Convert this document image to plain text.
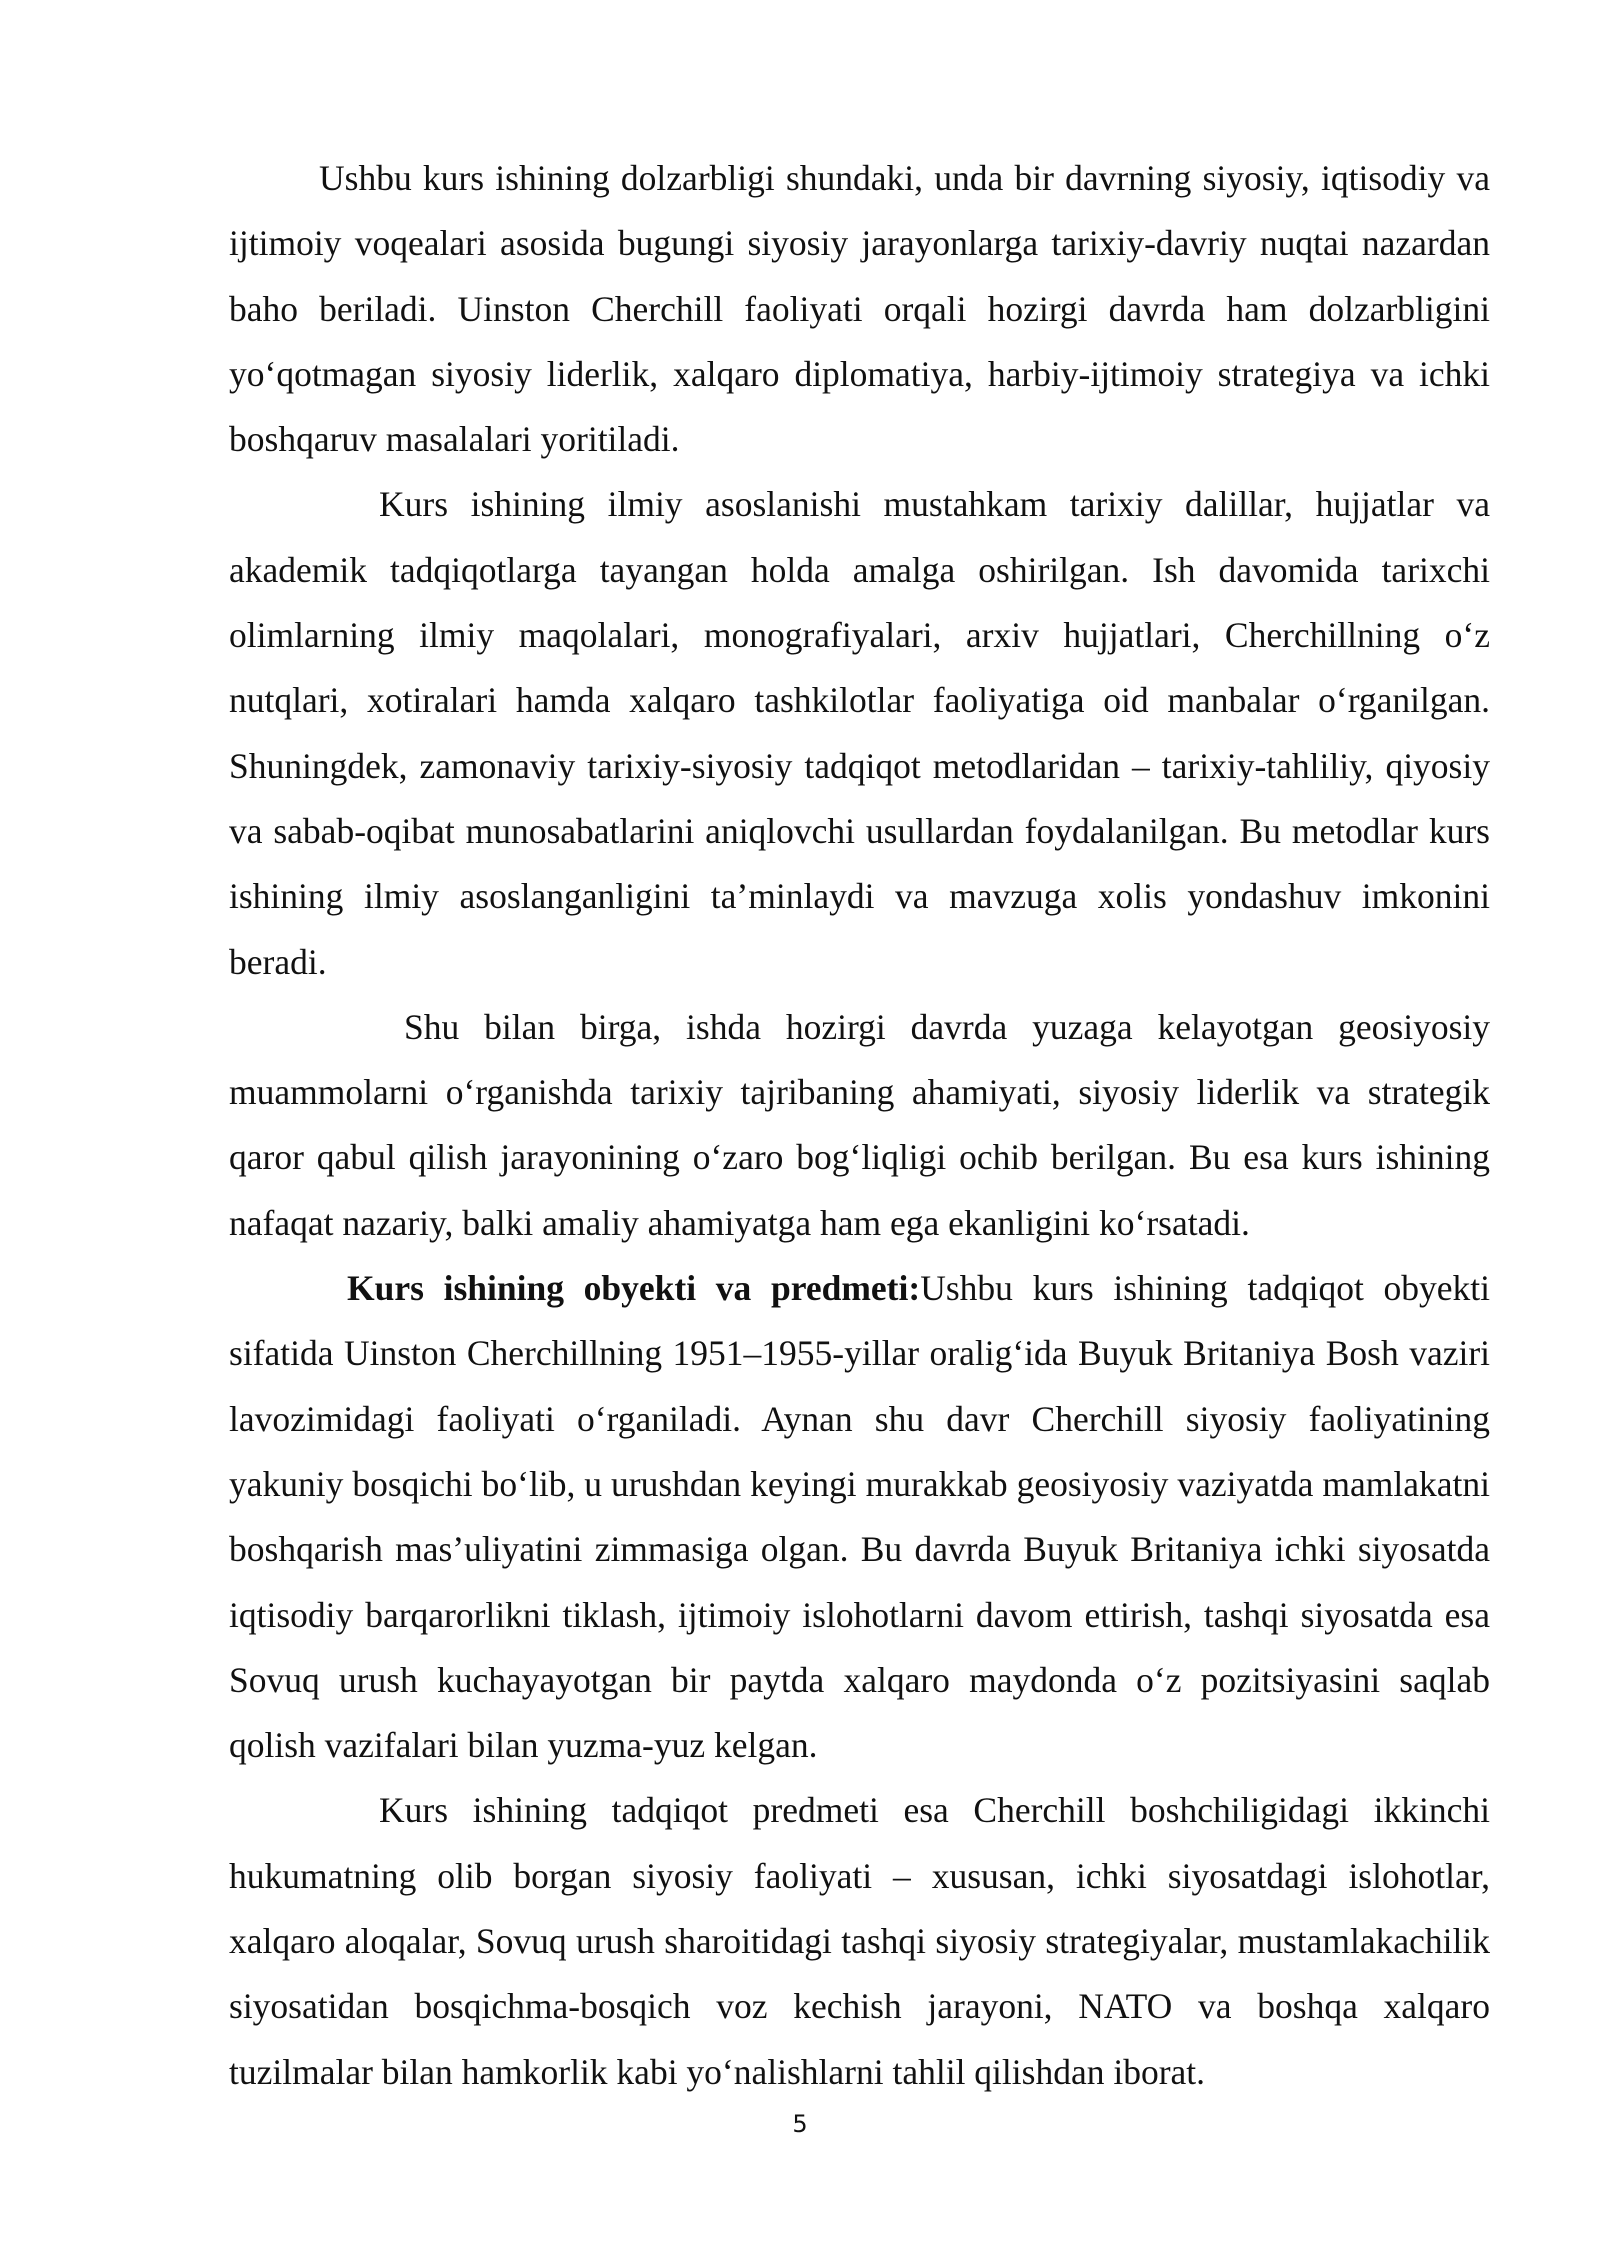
Ushbu kurs ishining dolzarbligi shundaki, unda bir davrning siyosiy, iqtisodiy va ijtimoiy voqealari asosida bugungi siyosiy jarayonlarga tarixiy-davriy nuqtai nazardan baho beriladi. Uinston Cherchill faoliyati orqali hozirgi davrda ham dolzarbligini yo‘qotmagan siyosiy liderlik, xalqaro diplomatiya, harbiy-ijtimoiy strategiya va ichki boshqaruv masalalari yoritiladi.

Kurs ishining ilmiy asoslanishi mustahkam tarixiy dalillar, hujjatlar va akademik tadqiqotlarga tayangan holda amalga oshirilgan. Ish davomida tarixchi olimlarning ilmiy maqolalari, monografiyalari, arxiv hujjatlari, Cherchillning o‘z nutqlari, xotiralari hamda xalqaro tashkilotlar faoliyatiga oid manbalar o‘rganilgan. Shuningdek, zamonaviy tarixiy-siyosiy tadqiqot metodlaridan – tarixiy-tahliliy, qiyosiy va sabab-oqibat munosabatlarini aniqlovchi usullardan foydalanilgan. Bu metodlar kurs ishining ilmiy asoslanganligini ta’minlaydi va mavzuga xolis yondashuv imkonini beradi.

Shu bilan birga, ishda hozirgi davrda yuzaga kelayotgan geosiyosiy muammolarni o‘rganishda tarixiy tajribaning ahamiyati, siyosiy liderlik va strategik qaror qabul qilish jarayonining o‘zaro bog‘liqligi ochib berilgan. Bu esa kurs ishining nafaqat nazariy, balki amaliy ahamiyatga ham ega ekanligini ko‘rsatadi.

Kurs ishining obyekti va predmeti:Ushbu kurs ishining tadqiqot obyekti sifatida Uinston Cherchillning 1951–1955-yillar oralig‘ida Buyuk Britaniya Bosh vaziri lavozimidagi faoliyati o‘rganiladi. Aynan shu davr Cherchill siyosiy faoliyatining yakuniy bosqichi bo‘lib, u urushdan keyingi murakkab geosiyosiy vaziyatda mamlakatni boshqarish mas’uliyatini zimmasiga olgan. Bu davrda Buyuk Britaniya ichki siyosatda iqtisodiy barqarorlikni tiklash, ijtimoiy islohotlarni davom ettirish, tashqi siyosatda esa Sovuq urush kuchayayotgan bir paytda xalqaro maydonda o‘z pozitsiyasini saqlab qolish vazifalari bilan yuzma-yuz kelgan.

Kurs ishining tadqiqot predmeti esa Cherchill boshchiligidagi ikkinchi hukumatning olib borgan siyosiy faoliyati – xususan, ichki siyosatdagi islohotlar, xalqaro aloqalar, Sovuq urush sharoitidagi tashqi siyosiy strategiyalar, mustamlakachilik siyosatidan bosqichma-bosqich voz kechish jarayoni, NATO va boshqa xalqaro tuzilmalar bilan hamkorlik kabi yo‘nalishlarni tahlil qilishdan iborat.

5
